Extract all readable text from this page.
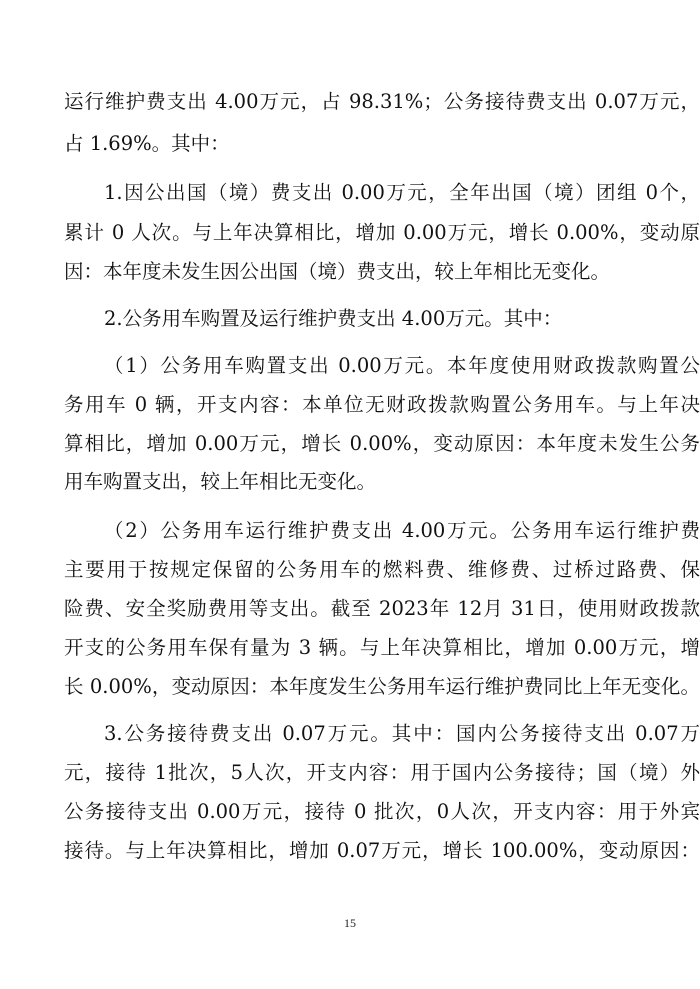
运行维护费支出 4.00万元，占 98.31%；公务接待费支出 0.07万元，
占 1.69%。其中：
1.因公出国（境）费支出 0.00万元，全年出国（境）团组 0个，
累计 0 人次。与上年决算相比，增加 0.00万元，增长 0.00%，变动原
因：本年度未发生因公出国（境）费支出，较上年相比无变化。
2.公务用车购置及运行维护费支出 4.00万元。其中：
（1）公务用车购置支出 0.00万元。本年度使用财政拨款购置公
务用车 0 辆，开支内容：本单位无财政拨款购置公务用车。与上年决
算相比，增加 0.00万元，增长 0.00%，变动原因：本年度未发生公务
用车购置支出，较上年相比无变化。
（2）公务用车运行维护费支出 4.00万元。公务用车运行维护费
主要用于按规定保留的公务用车的燃料费、维修费、过桥过路费、保
险费、安全奖励费用等支出。截至 2023年 12月 31日，使用财政拨款
开支的公务用车保有量为 3 辆。与上年决算相比，增加 0.00万元，增
长 0.00%，变动原因：本年度发生公务用车运行维护费同比上年无变化。
3.公务接待费支出 0.07万元。其中：国内公务接待支出 0.07万
元，接待 1批次，5人次，开支内容：用于国内公务接待；国（境）外
公务接待支出 0.00万元，接待 0 批次，0人次，开支内容：用于外宾
接待。与上年决算相比，增加 0.07万元，增长 100.00%，变动原因：
15
